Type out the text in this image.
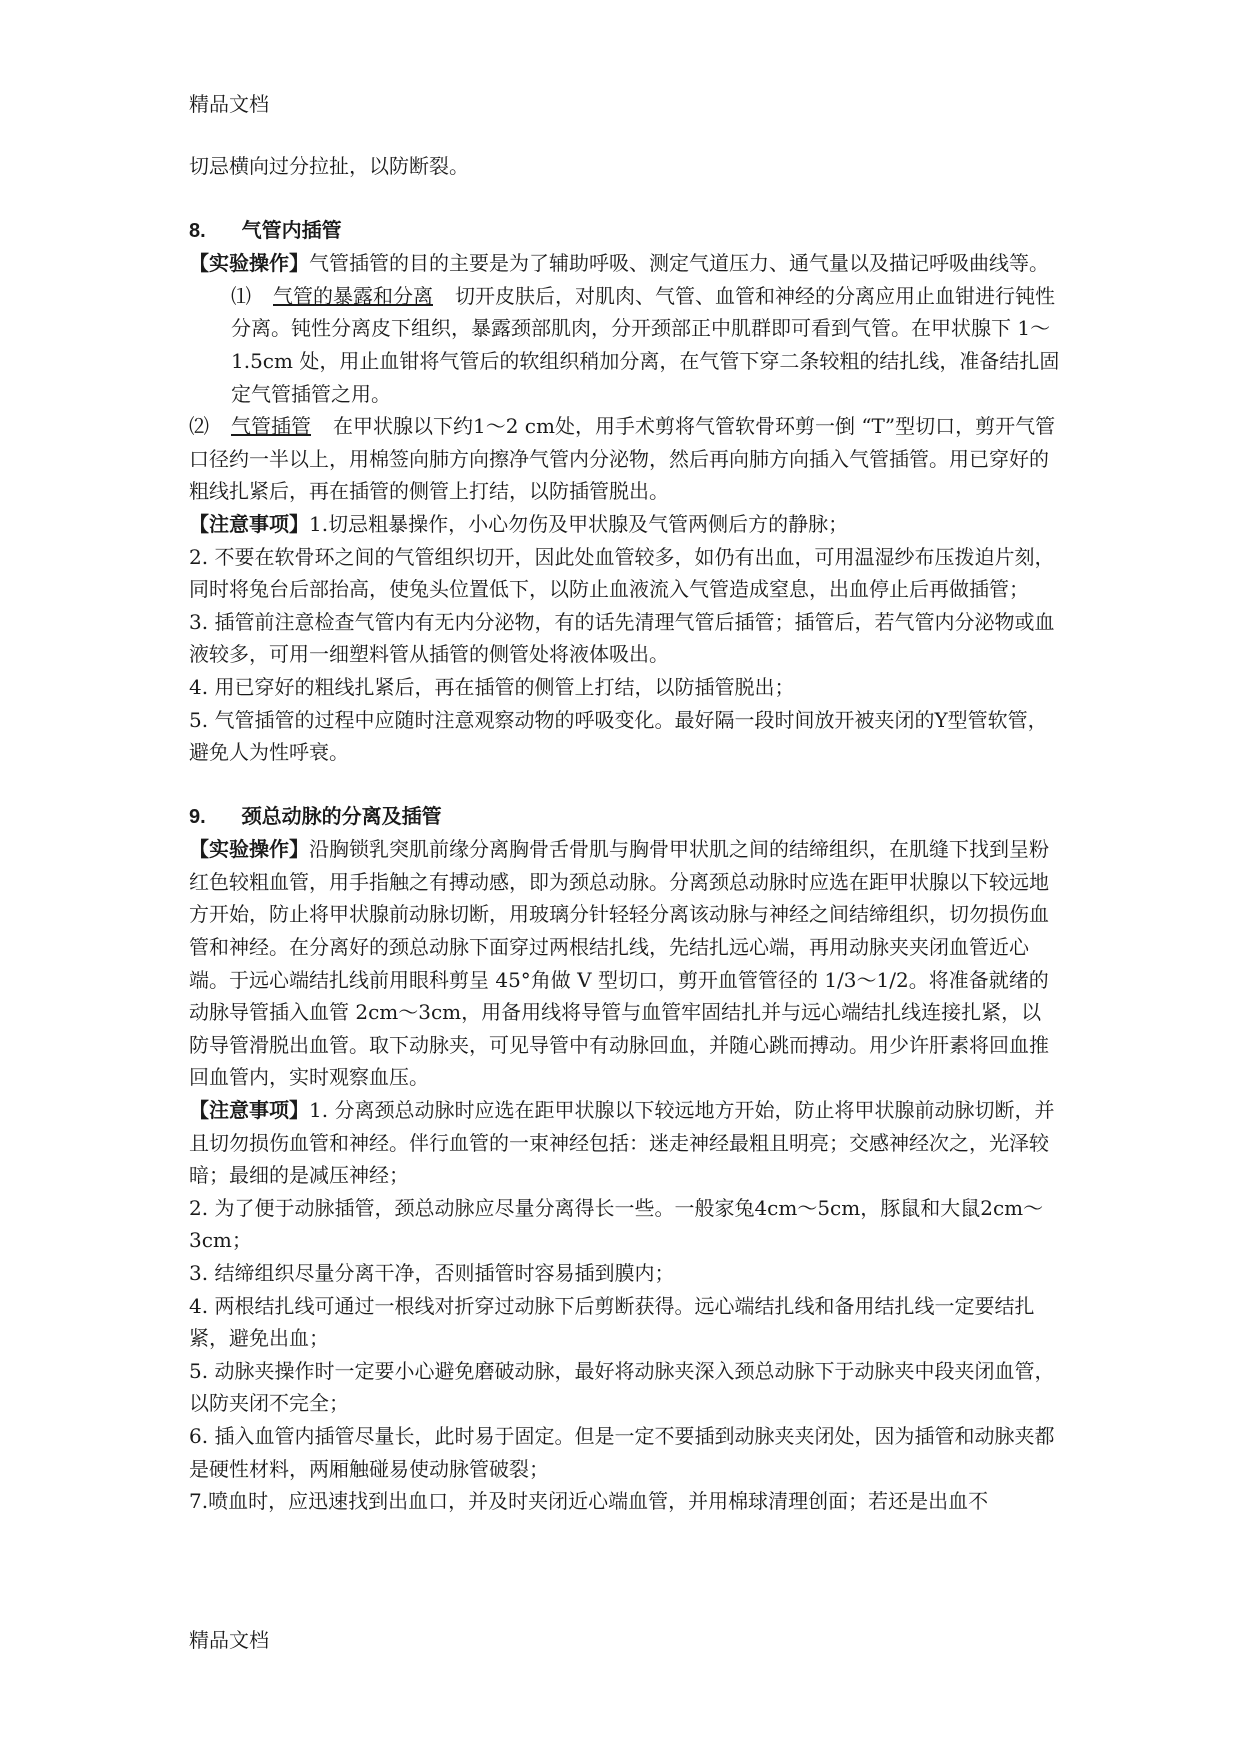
精品文档

切忌横向过分拉扯，以防断裂。

8. 气管内插管

【实验操作】气管插管的目的主要是为了辅助呼吸、测定气道压力、通气量以及描记呼吸曲线等。

⑴ 气管的暴露和分离 切开皮肤后，对肌肉、气管、血管和神经的分离应用止血钳进行钝性分离。钝性分离皮下组织，暴露颈部肌肉，分开颈部正中肌群即可看到气管。在甲状腺下 1～1.5cm 处，用止血钳将气管后的软组织稍加分离，在气管下穿二条较粗的结扎线，准备结扎固定气管插管之用。

⑵ 气管插管 在甲状腺以下约1～2 cm处，用手术剪将气管软骨环剪一倒 “T”型切口，剪开气管口径约一半以上，用棉签向肺方向擦净气管内分泌物，然后再向肺方向插入气管插管。用已穿好的粗线扎紧后，再在插管的侧管上打结，以防插管脱出。

【注意事项】1.切忌粗暴操作，小心勿伤及甲状腺及气管两侧后方的静脉；

2. 不要在软骨环之间的气管组织切开，因此处血管较多，如仍有出血，可用温湿纱布压拨迫片刻，同时将兔台后部抬高，使兔头位置低下，以防止血液流入气管造成窒息，出血停止后再做插管；

3. 插管前注意检查气管内有无内分泌物，有的话先清理气管后插管；插管后，若气管内分泌物或血液较多，可用一细塑料管从插管的侧管处将液体吸出。

4. 用已穿好的粗线扎紧后，再在插管的侧管上打结，以防插管脱出；

5. 气管插管的过程中应随时注意观察动物的呼吸变化。最好隔一段时间放开被夹闭的Y型管软管，避免人为性呼衰。

9. 颈总动脉的分离及插管

【实验操作】沿胸锁乳突肌前缘分离胸骨舌骨肌与胸骨甲状肌之间的结缔组织，在肌缝下找到呈粉红色较粗血管，用手指触之有搏动感，即为颈总动脉。分离颈总动脉时应选在距甲状腺以下较远地方开始，防止将甲状腺前动脉切断，用玻璃分针轻轻分离该动脉与神经之间结缔组织，切勿损伤血管和神经。在分离好的颈总动脉下面穿过两根结扎线，先结扎远心端，再用动脉夹夹闭血管近心端。于远心端结扎线前用眼科剪呈 45°角做 V 型切口，剪开血管管径的 1/3～1/2。将准备就绪的动脉导管插入血管 2cm～3cm，用备用线将导管与血管牢固结扎并与远心端结扎线连接扎紧，以防导管滑脱出血管。取下动脉夹，可见导管中有动脉回血，并随心跳而搏动。用少许肝素将回血推回血管内，实时观察血压。

【注意事项】1. 分离颈总动脉时应选在距甲状腺以下较远地方开始，防止将甲状腺前动脉切断，并且切勿损伤血管和神经。伴行血管的一束神经包括：迷走神经最粗且明亮；交感神经次之，光泽较暗；最细的是减压神经；

2. 为了便于动脉插管，颈总动脉应尽量分离得长一些。一般家兔4cm～5cm，豚鼠和大鼠2cm～3cm；

3. 结缔组织尽量分离干净，否则插管时容易插到膜内；

4. 两根结扎线可通过一根线对折穿过动脉下后剪断获得。远心端结扎线和备用结扎线一定要结扎紧，避免出血；

5. 动脉夹操作时一定要小心避免磨破动脉，最好将动脉夹深入颈总动脉下于动脉夹中段夹闭血管，以防夹闭不完全；

6. 插入血管内插管尽量长，此时易于固定。但是一定不要插到动脉夹夹闭处，因为插管和动脉夹都是硬性材料，两厢触碰易使动脉管破裂；

7.喷血时，应迅速找到出血口，并及时夹闭近心端血管，并用棉球清理创面；若还是出血不

精品文档
